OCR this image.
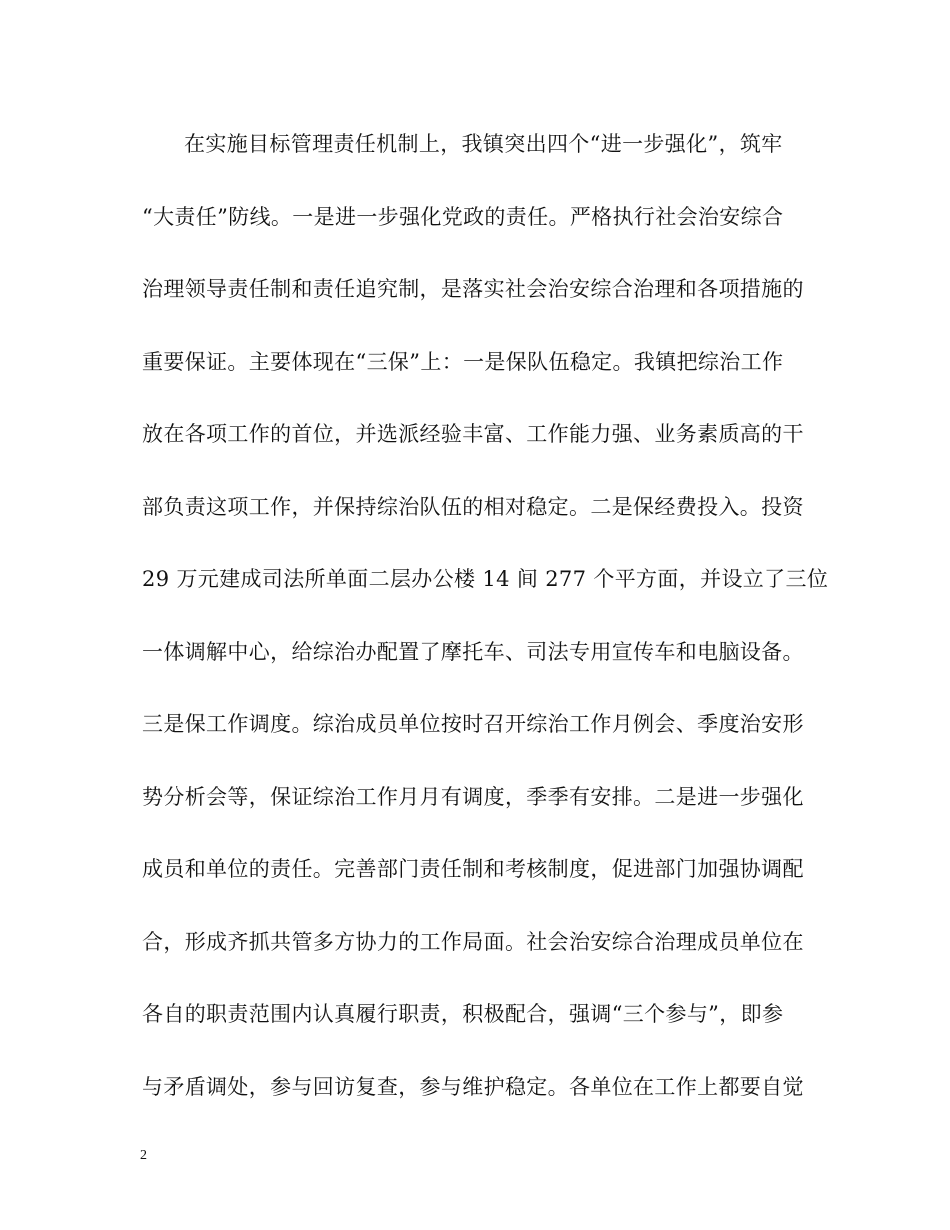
在实施目标管理责任机制上，我镇突出四个“进一步强化”，筑牢
“大责任”防线。一是进一步强化党政的责任。严格执行社会治安综合
治理领导责任制和责任追究制，是落实社会治安综合治理和各项措施的
重要保证。主要体现在“三保”上：一是保队伍稳定。我镇把综治工作
放在各项工作的首位，并选派经验丰富、工作能力强、业务素质高的干
部负责这项工作，并保持综治队伍的相对稳定。二是保经费投入。投资
29 万元建成司法所单面二层办公楼 14 间 277 个平方面，并设立了三位
一体调解中心，给综治办配置了摩托车、司法专用宣传车和电脑设备。
三是保工作调度。综治成员单位按时召开综治工作月例会、季度治安形
势分析会等，保证综治工作月月有调度，季季有安排。二是进一步强化
成员和单位的责任。完善部门责任制和考核制度，促进部门加强协调配
合，形成齐抓共管多方协力的工作局面。社会治安综合治理成员单位在
各自的职责范围内认真履行职责，积极配合，强调“三个参与”，即参
与矛盾调处，参与回访复查，参与维护稳定。各单位在工作上都要自觉
2
